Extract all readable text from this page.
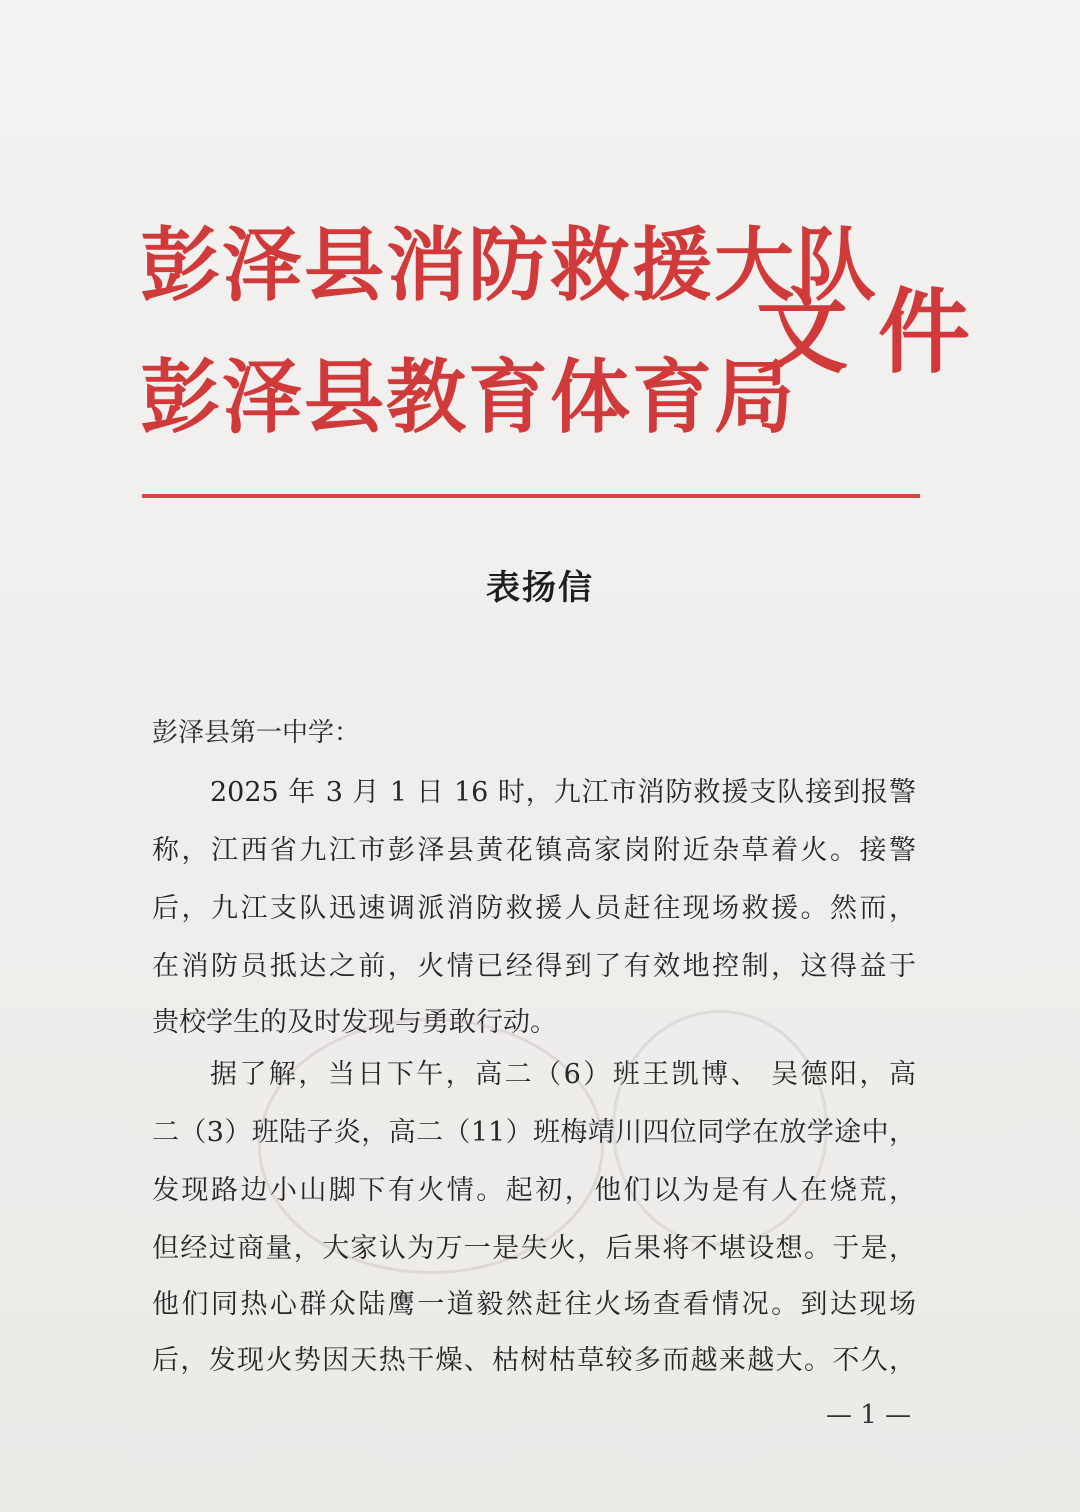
彭泽县消防救援大队
彭泽县教育体育局
文件
表扬信
彭泽县第一中学：
2025 年 3 月 1 日 16 时，九江市消防救援支队接到报警
称，江西省九江市彭泽县黄花镇高家岗附近杂草着火。接警
后，九江支队迅速调派消防救援人员赶往现场救援。然而，
在消防员抵达之前，火情已经得到了有效地控制，这得益于
贵校学生的及时发现与勇敢行动。
据了解，当日下午，高二（6）班王凯博、 吴德阳，高
二（3）班陆子炎，高二（11）班梅靖川四位同学在放学途中，
发现路边小山脚下有火情。起初，他们以为是有人在烧荒，
但经过商量，大家认为万一是失火，后果将不堪设想。于是，
他们同热心群众陆鹰一道毅然赶往火场查看情况。到达现场
后，发现火势因天热干燥、枯树枯草较多而越来越大。不久，
— 1 —
